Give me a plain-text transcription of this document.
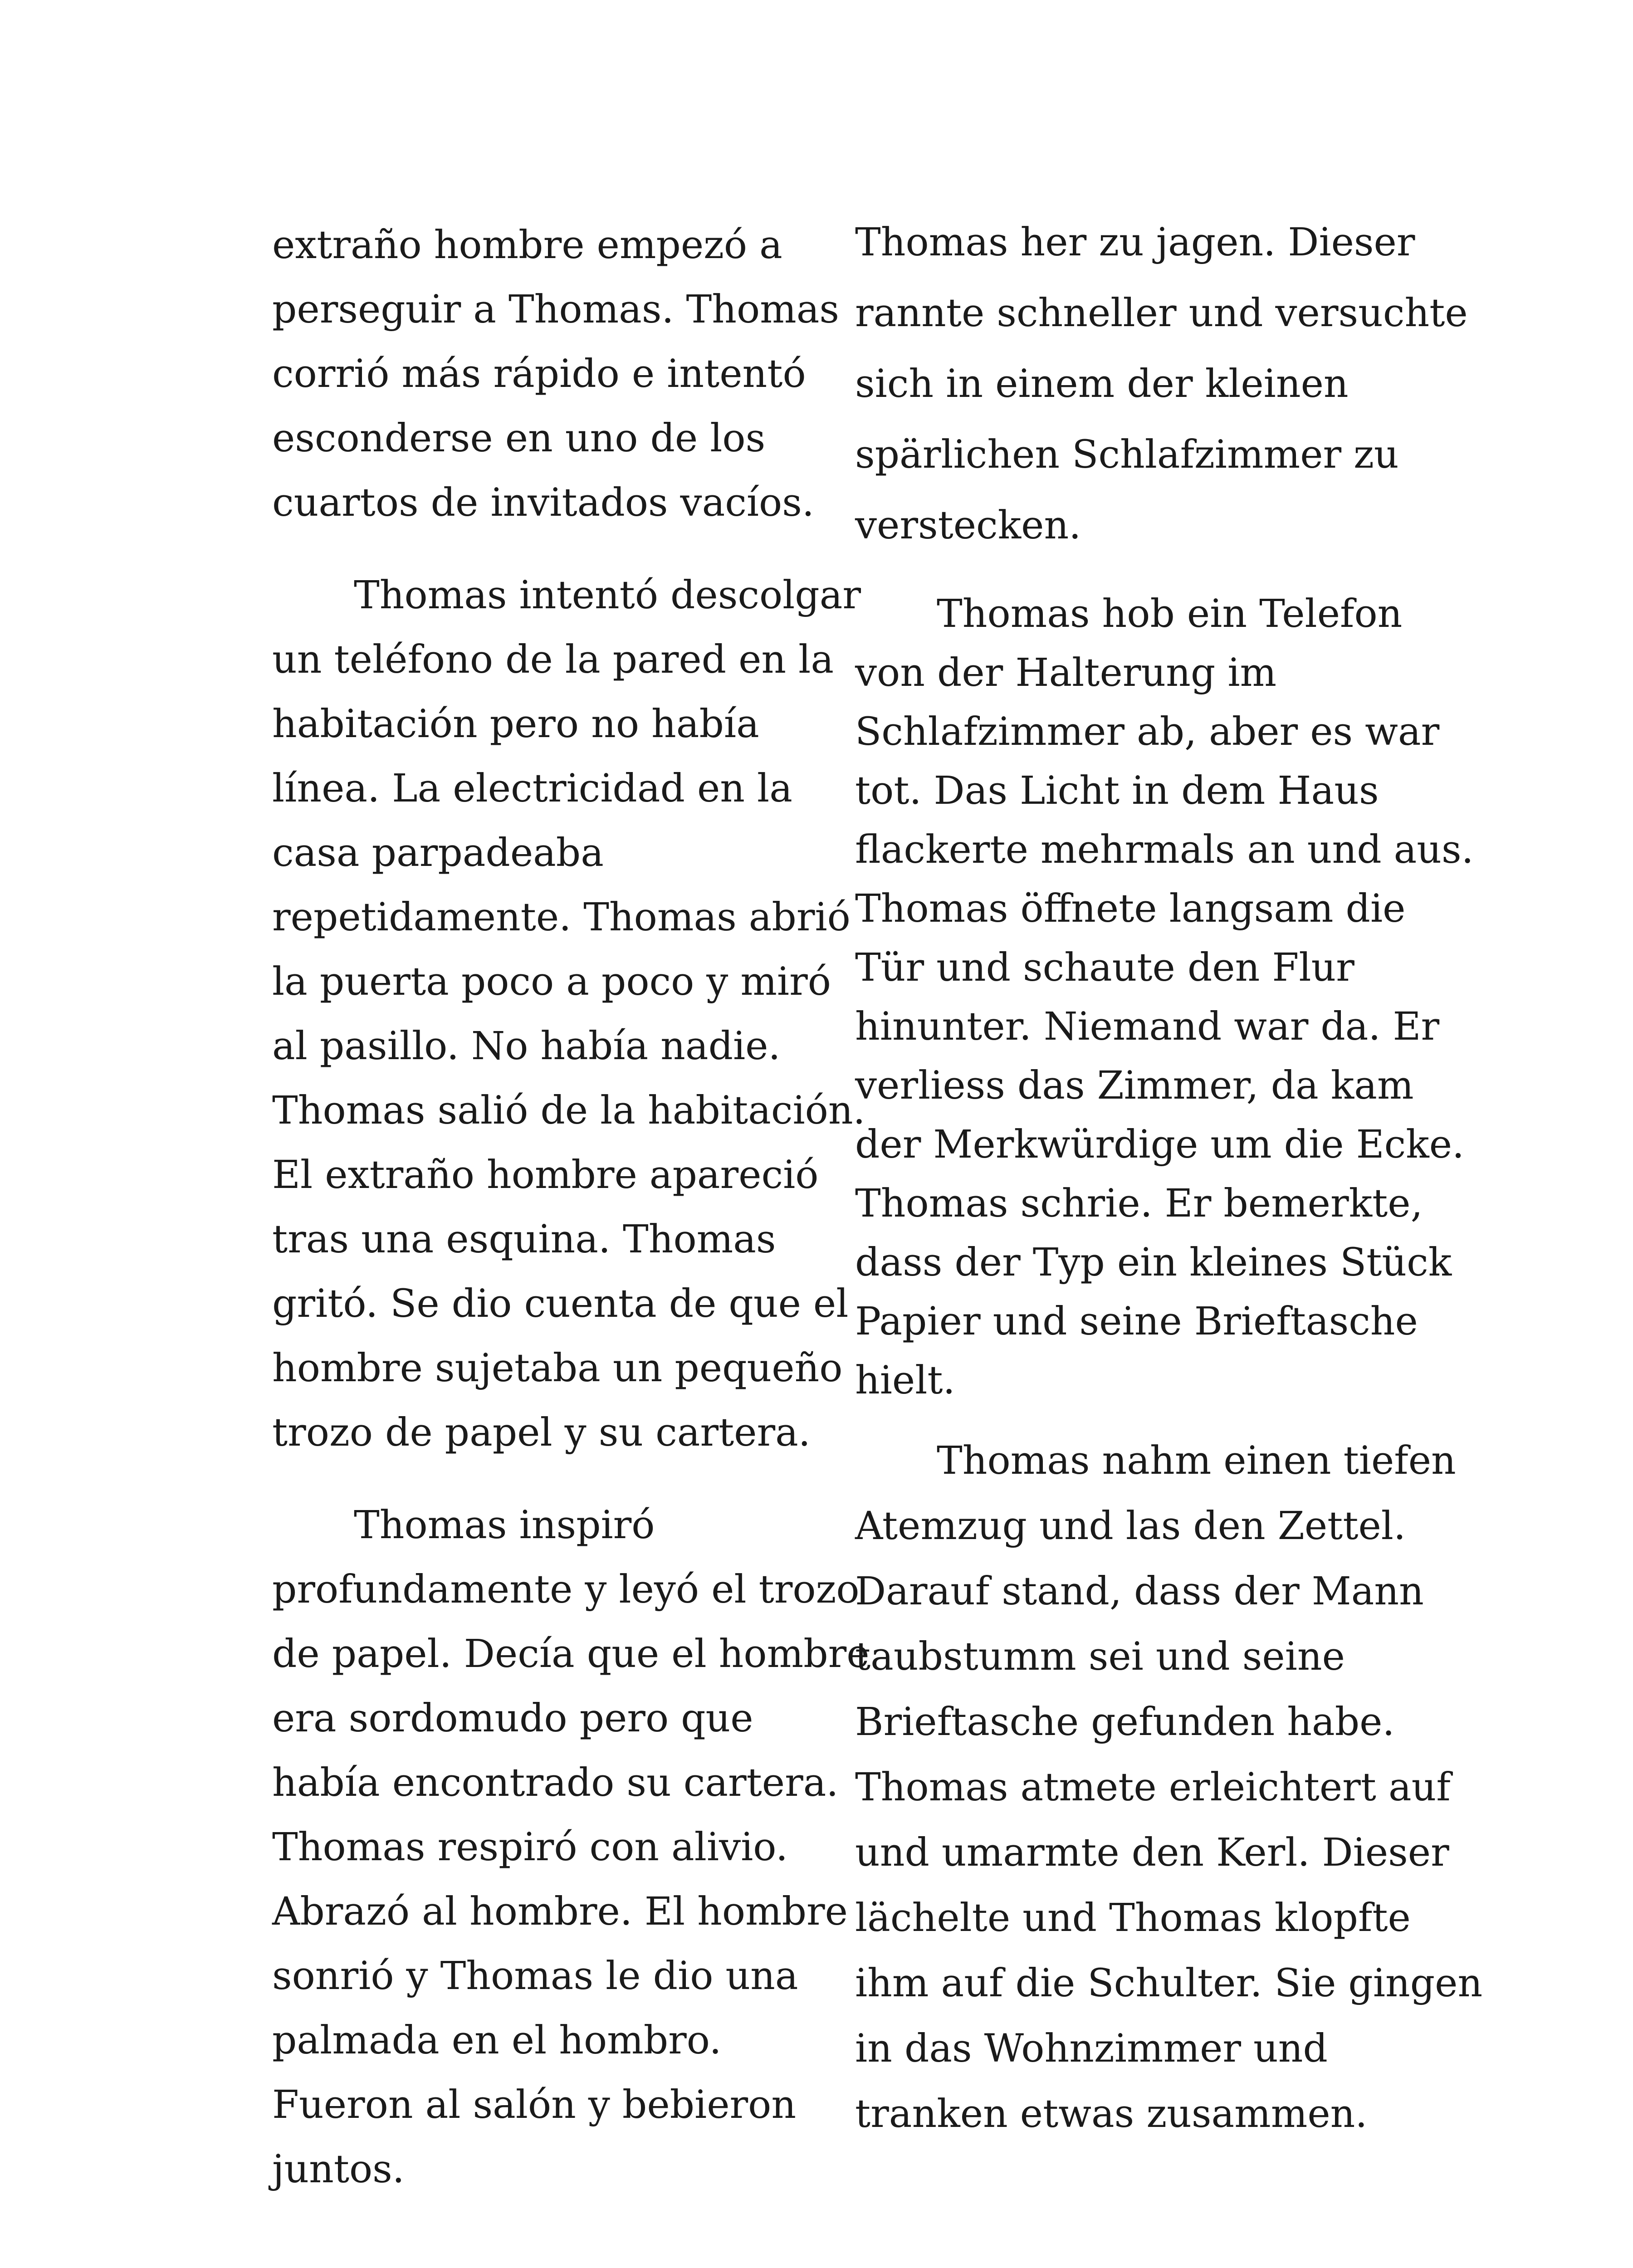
extraño hombre empezó a
perseguir a Thomas. Thomas
corrió más rápido e intentó
esconderse en uno de los
cuartos de invitados vacíos.
Thomas intentó descolgar
un teléfono de la pared en la
habitación pero no había
línea. La electricidad en la
casa parpadeaba
repetidamente. Thomas abrió
la puerta poco a poco y miró
al pasillo. No había nadie.
Thomas salió de la habitación.
El extraño hombre apareció
tras una esquina. Thomas
gritó. Se dio cuenta de que el
hombre sujetaba un pequeño
trozo de papel y su cartera.
Thomas inspiró
profundamente y leyó el trozo
de papel. Decía que el hombre
era sordomudo pero que
había encontrado su cartera.
Thomas respiró con alivio.
Abrazó al hombre. El hombre
sonrió y Thomas le dio una
palmada en el hombro.
Fueron al salón y bebieron
juntos.
Thomas her zu jagen. Dieser
rannte schneller und versuchte
sich in einem der kleinen
spärlichen Schlafzimmer zu
verstecken.
Thomas hob ein Telefon
von der Halterung im
Schlafzimmer ab, aber es war
tot. Das Licht in dem Haus
flackerte mehrmals an und aus.
Thomas öffnete langsam die
Tür und schaute den Flur
hinunter. Niemand war da. Er
verliess das Zimmer, da kam
der Merkwürdige um die Ecke.
Thomas schrie. Er bemerkte,
dass der Typ ein kleines Stück
Papier und seine Brieftasche
hielt.
Thomas nahm einen tiefen
Atemzug und las den Zettel.
Darauf stand, dass der Mann
taubstumm sei und seine
Brieftasche gefunden habe.
Thomas atmete erleichtert auf
und umarmte den Kerl. Dieser
lächelte und Thomas klopfte
ihm auf die Schulter. Sie gingen
in das Wohnzimmer und
tranken etwas zusammen.
